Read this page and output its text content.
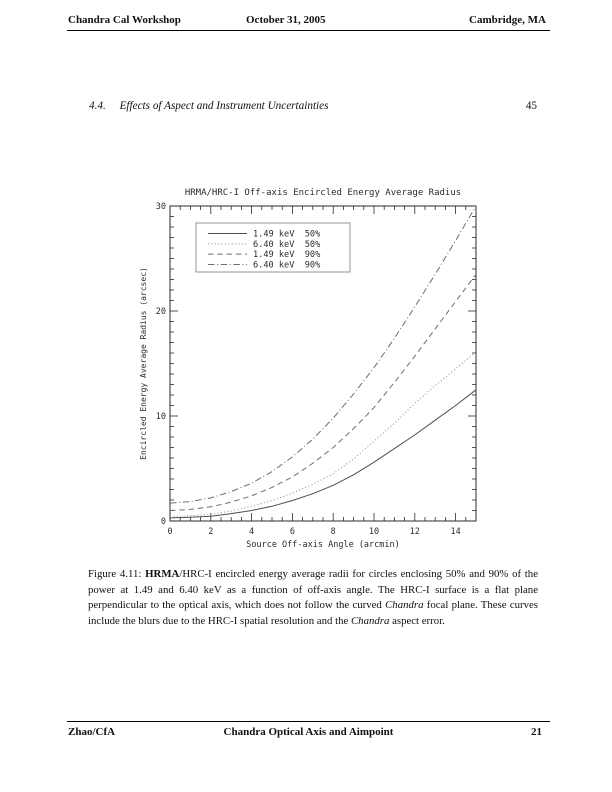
Chandra Cal Workshop	October 31, 2005	Cambridge, MA
4.4. Effects of Aspect and Instrument Uncertainties	45
HRMA/HRC-I Off-axis Encircled Energy Average Radius
0	2	4	6	8	10	12	14
0
10
20
30
Source Off-axis Angle (arcmin)
Encircled Energy Average Radius (arcsec)
1.49 keV  50%
6.40 keV  50%
1.49 keV  90%
6.40 keV  90%

Figure 4.11: HRMA/HRC-I encircled energy average radii for circles enclosing 50% and 90% of the power at 1.49 and 6.40 keV as a function of off-axis angle. The HRC-I surface is a flat plane perpendicular to the optical axis, which does not follow the curved Chandra focal plane. These curves include the blurs due to the HRC-I spatial resolution and the Chandra aspect error.

Zhao/CfA	Chandra Optical Axis and Aimpoint	21
